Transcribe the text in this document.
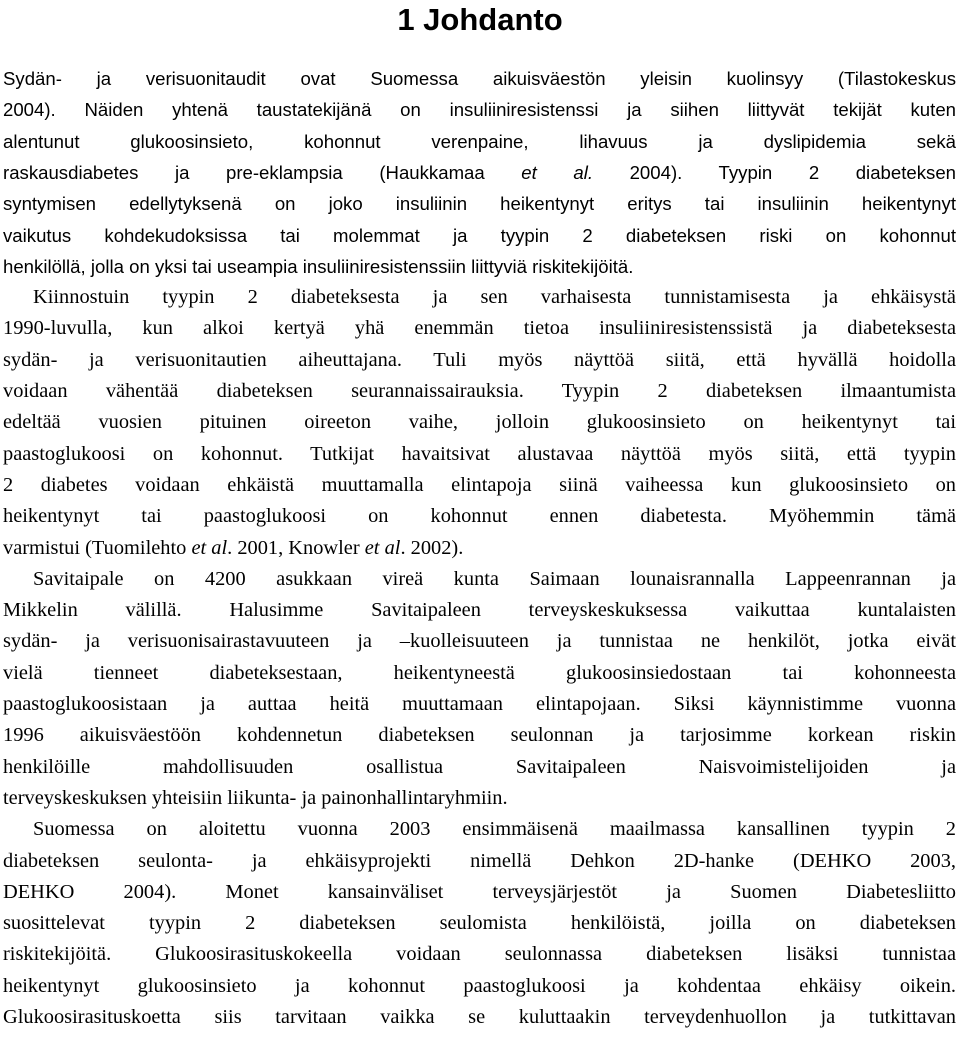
1 Johdanto
Sydän- ja verisuonitaudit ovat Suomessa aikuisväestön yleisin kuolinsyy (Tilastokeskus
2004). Näiden yhtenä taustatekijänä on insuliiniresistenssi ja siihen liittyvät tekijät kuten
alentunut glukoosinsieto, kohonnut verenpaine, lihavuus ja dyslipidemia sekä
raskausdiabetes ja pre-eklampsia (Haukkamaa et al. 2004). Tyypin 2 diabeteksen
syntymisen edellytyksenä on joko insuliinin heikentynyt eritys tai insuliinin heikentynyt
vaikutus kohdekudoksissa tai molemmat ja tyypin 2 diabeteksen riski on kohonnut
henkilöllä, jolla on yksi tai useampia insuliiniresistenssiin liittyviä riskitekijöitä.
Kiinnostuin tyypin 2 diabeteksesta ja sen varhaisesta tunnistamisesta ja ehkäisystä
1990-luvulla, kun alkoi kertyä yhä enemmän tietoa insuliiniresistenssistä ja diabeteksesta
sydän- ja verisuonitautien aiheuttajana. Tuli myös näyttöä siitä, että hyvällä hoidolla
voidaan vähentää diabeteksen seurannaissairauksia. Tyypin 2 diabeteksen ilmaantumista
edeltää vuosien pituinen oireeton vaihe, jolloin glukoosinsieto on heikentynyt tai
paastoglukoosi on kohonnut. Tutkijat havaitsivat alustavaa näyttöä myös siitä, että tyypin
2 diabetes voidaan ehkäistä muuttamalla elintapoja siinä vaiheessa kun glukoosinsieto on
heikentynyt tai paastoglukoosi on kohonnut ennen diabetesta. Myöhemmin tämä
varmistui (Tuomilehto et al. 2001, Knowler et al. 2002).
Savitaipale on 4200 asukkaan vireä kunta Saimaan lounaisrannalla Lappeenrannan ja
Mikkelin välillä. Halusimme Savitaipaleen terveyskeskuksessa vaikuttaa kuntalaisten
sydän- ja verisuonisairastavuuteen ja –kuolleisuuteen ja tunnistaa ne henkilöt, jotka eivät
vielä tienneet diabeteksestaan, heikentyneestä glukoosinsiedostaan tai kohonneesta
paastoglukoosistaan ja auttaa heitä muuttamaan elintapojaan. Siksi käynnistimme vuonna
1996 aikuisväestöön kohdennetun diabeteksen seulonnan ja tarjosimme korkean riskin
henkilöille mahdollisuuden osallistua Savitaipaleen Naisvoimistelijoiden ja
terveyskeskuksen yhteisiin liikunta- ja painonhallintaryhmiin.
Suomessa on aloitettu vuonna 2003 ensimmäisenä maailmassa kansallinen tyypin 2
diabeteksen seulonta- ja ehkäisyprojekti nimellä Dehkon 2D-hanke (DEHKO 2003,
DEHKO 2004). Monet kansainväliset terveysjärjestöt ja Suomen Diabetesliitto
suosittelevat tyypin 2 diabeteksen seulomista henkilöistä, joilla on diabeteksen
riskitekijöitä. Glukoosirasituskokeella voidaan seulonnassa diabeteksen lisäksi tunnistaa
heikentynyt glukoosinsieto ja kohonnut paastoglukoosi ja kohdentaa ehkäisy oikein.
Glukoosirasituskoetta siis tarvitaan vaikka se kuluttaakin terveydenhuollon ja tutkittavan
